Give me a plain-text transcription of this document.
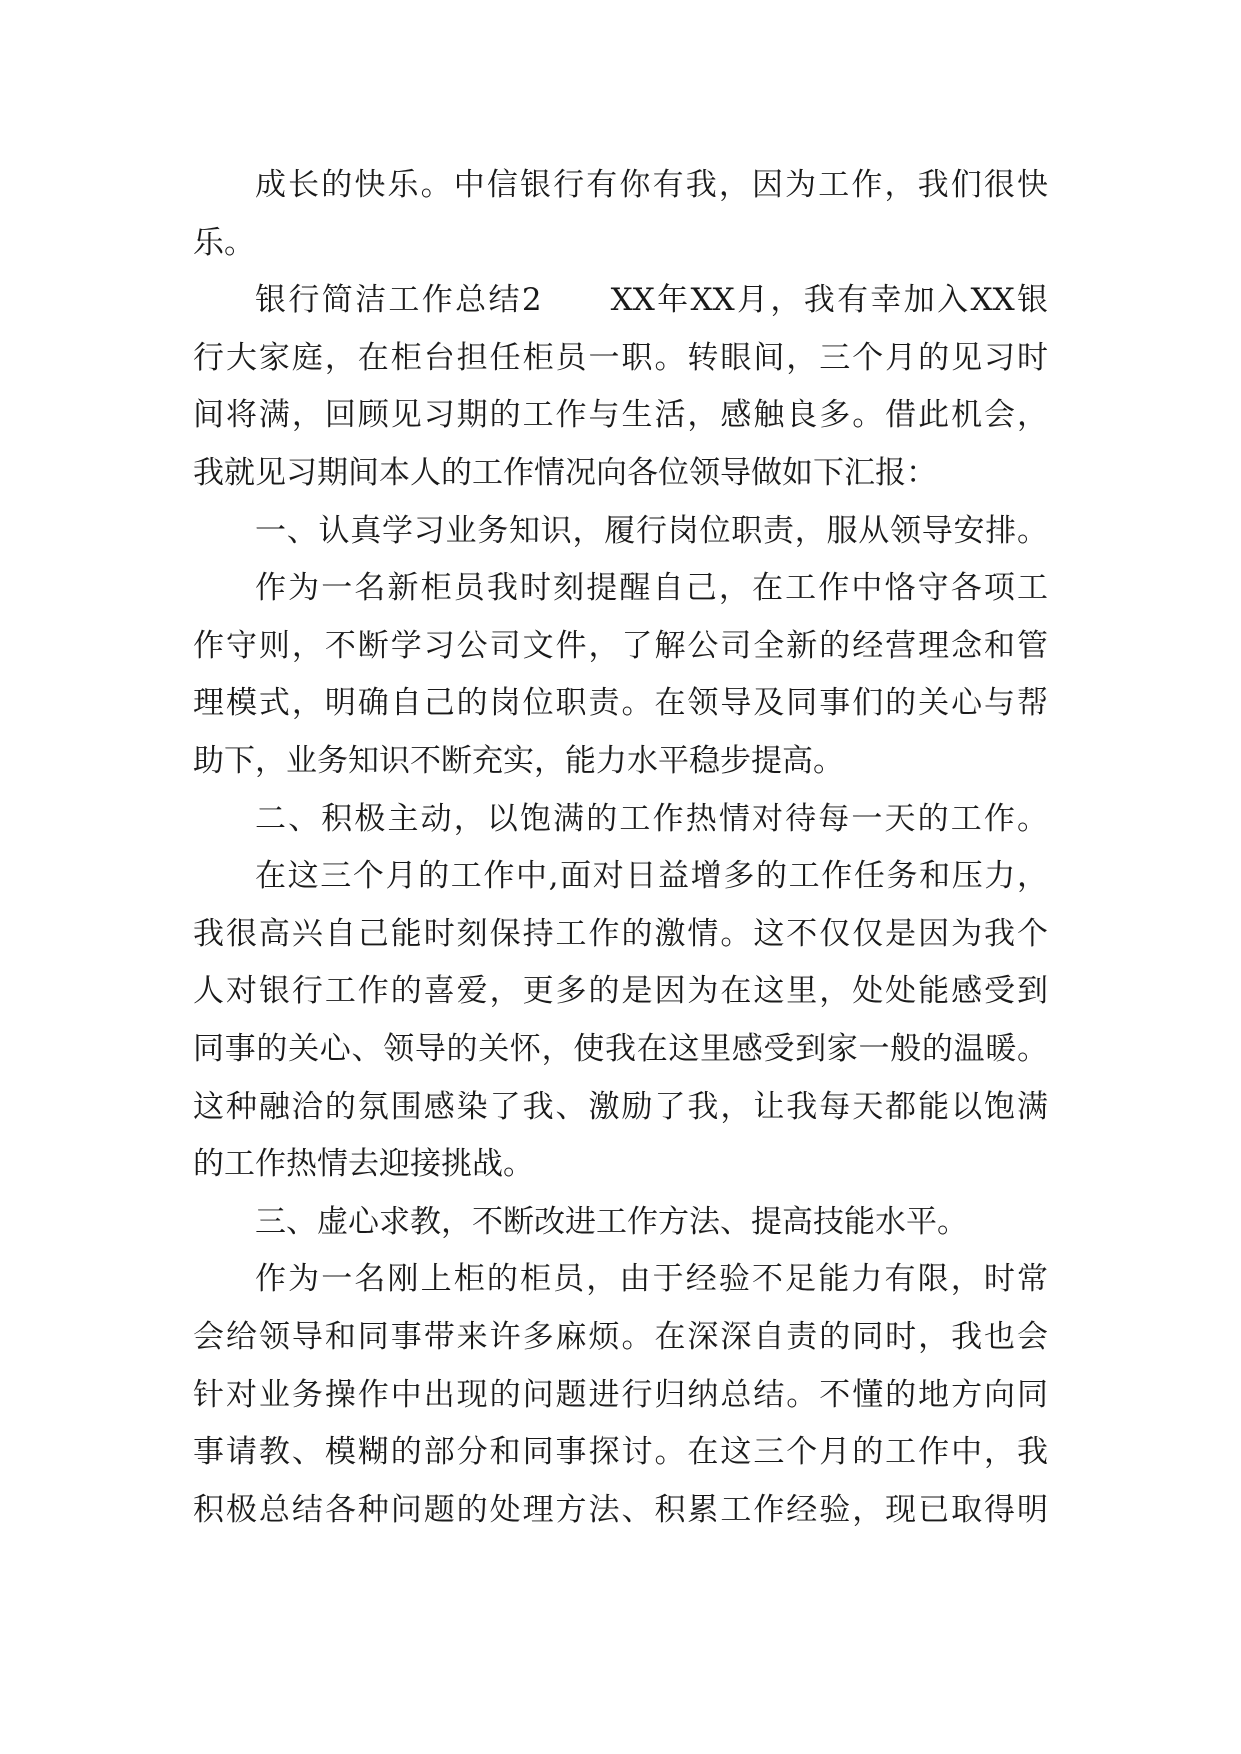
成长的快乐。中信银行有你有我，因为工作，我们很快
乐。
银行简洁工作总结2　　XX年XX月，我有幸加入XX银
行大家庭，在柜台担任柜员一职。转眼间，三个月的见习时
间将满，回顾见习期的工作与生活，感触良多。借此机会，
我就见习期间本人的工作情况向各位领导做如下汇报：
一、认真学习业务知识，履行岗位职责，服从领导安排。
作为一名新柜员我时刻提醒自己，在工作中恪守各项工
作守则，不断学习公司文件，了解公司全新的经营理念和管
理模式，明确自己的岗位职责。在领导及同事们的关心与帮
助下，业务知识不断充实，能力水平稳步提高。
二、积极主动，以饱满的工作热情对待每一天的工作。
在这三个月的工作中,面对日益增多的工作任务和压力，
我很高兴自己能时刻保持工作的激情。这不仅仅是因为我个
人对银行工作的喜爱，更多的是因为在这里，处处能感受到
同事的关心、领导的关怀，使我在这里感受到家一般的温暖。
这种融洽的氛围感染了我、激励了我，让我每天都能以饱满
的工作热情去迎接挑战。
三、虚心求教，不断改进工作方法、提高技能水平。
作为一名刚上柜的柜员，由于经验不足能力有限，时常
会给领导和同事带来许多麻烦。在深深自责的同时，我也会
针对业务操作中出现的问题进行归纳总结。不懂的地方向同
事请教、模糊的部分和同事探讨。在这三个月的工作中，我
积极总结各种问题的处理方法、积累工作经验，现已取得明
